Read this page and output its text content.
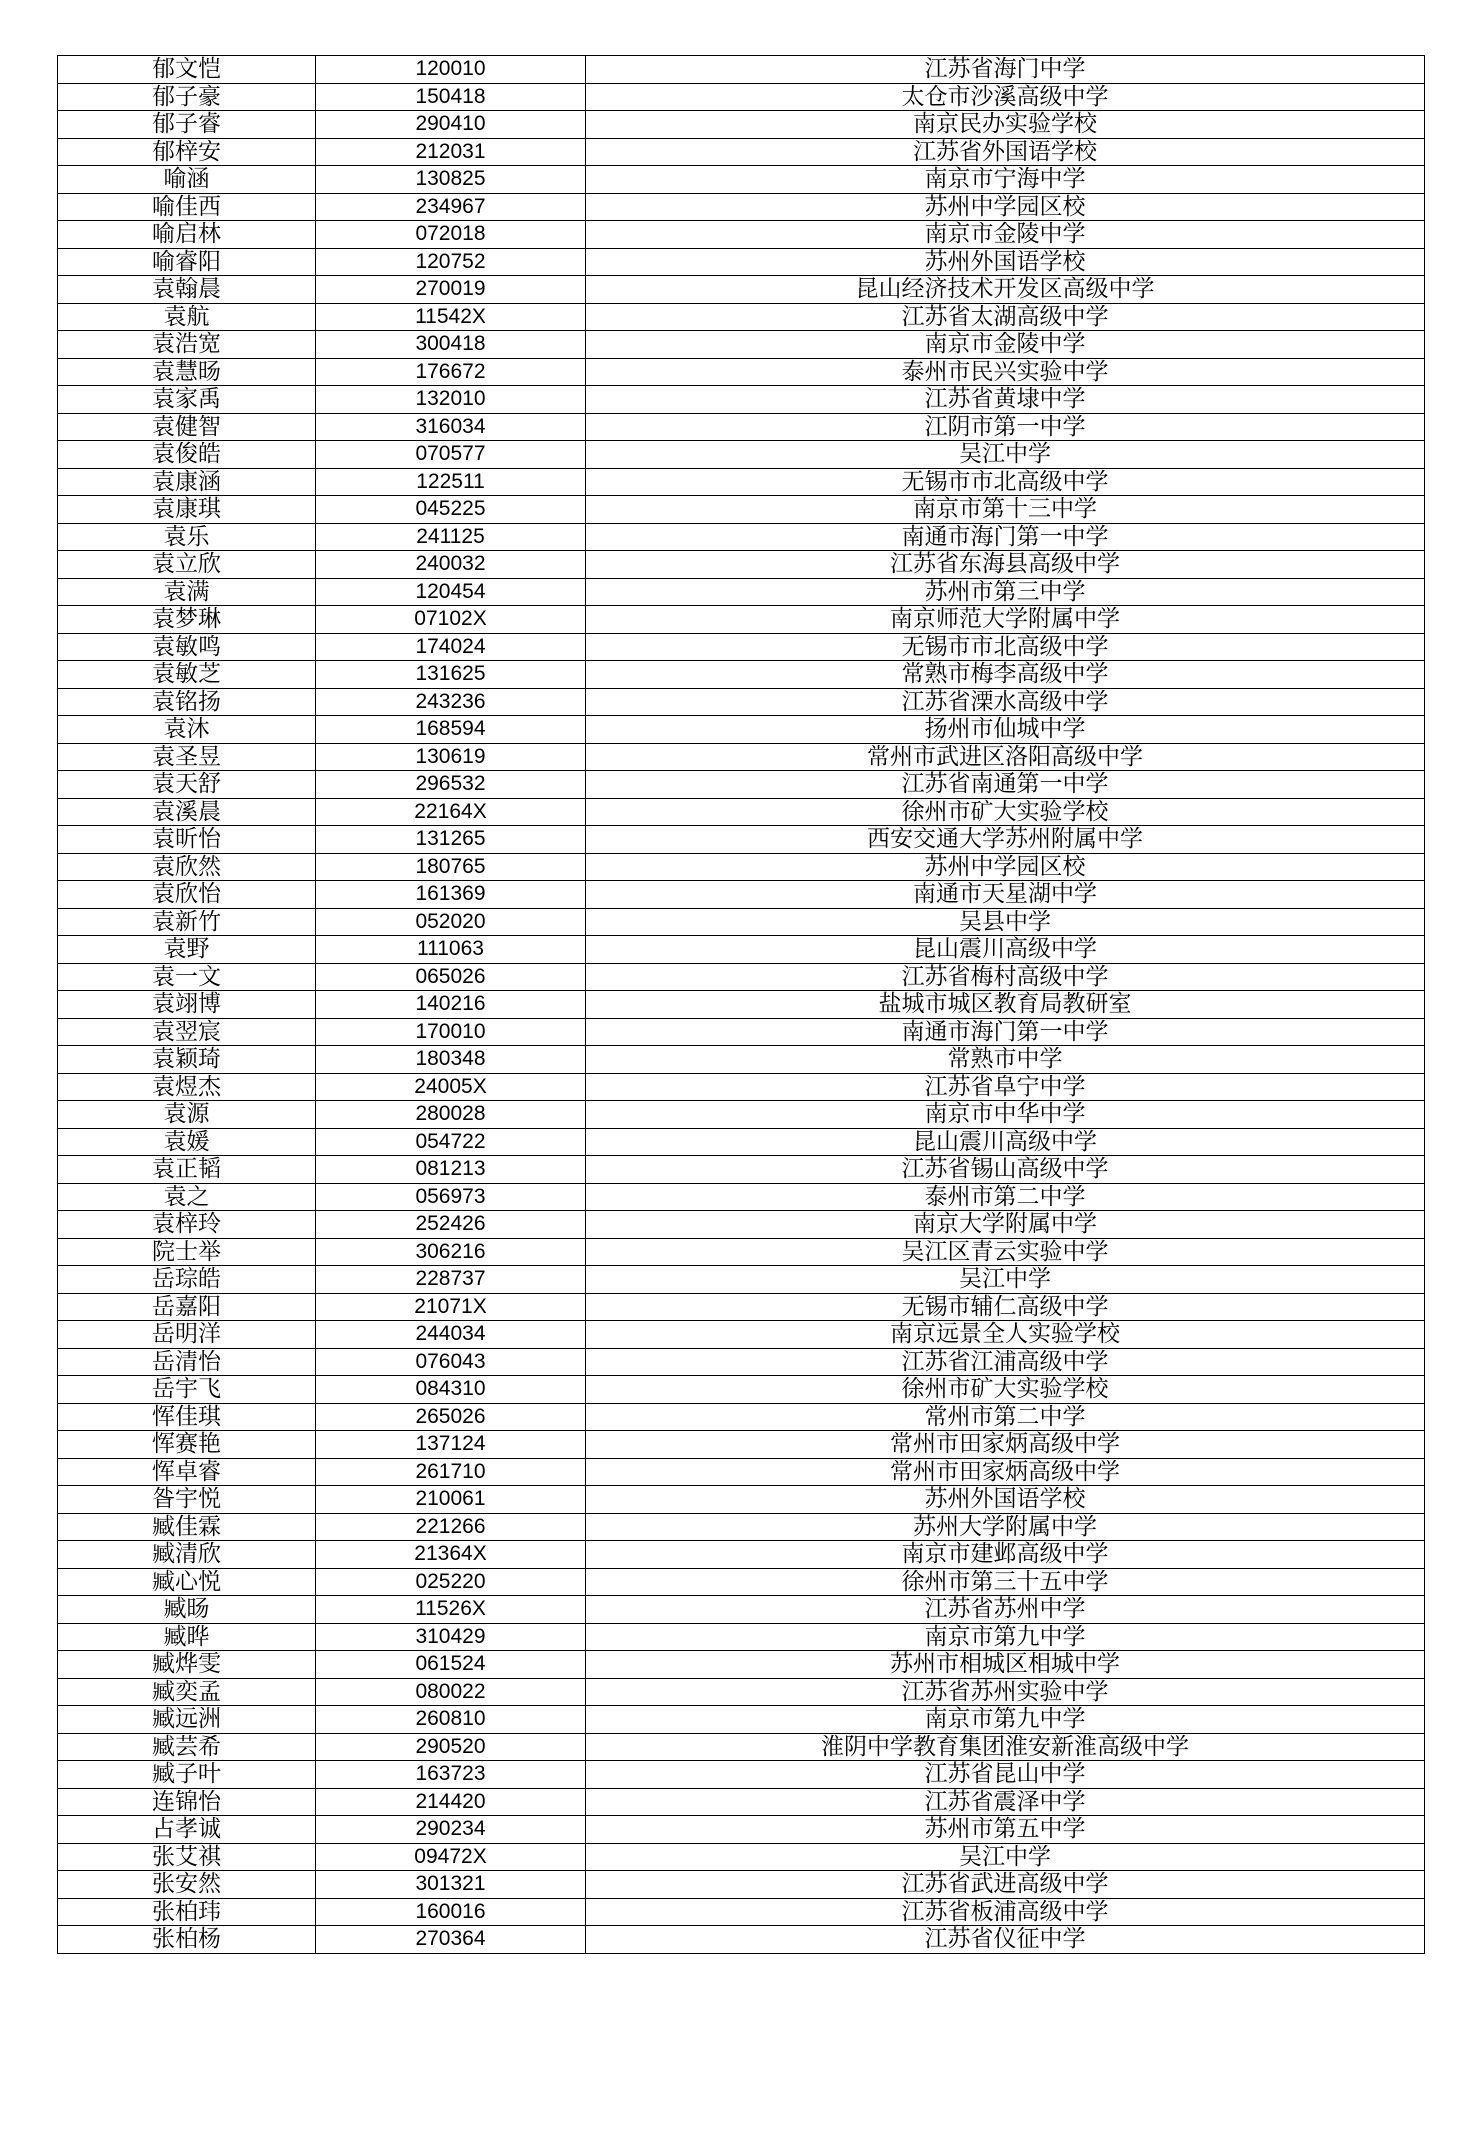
郁文恺	120010	江苏省海门中学
郁子豪	150418	太仓市沙溪高级中学
郁子睿	290410	南京民办实验学校
郁梓安	212031	江苏省外国语学校
喻涵	130825	南京市宁海中学
喻佳西	234967	苏州中学园区校
喻启林	072018	南京市金陵中学
喻睿阳	120752	苏州外国语学校
袁翰晨	270019	昆山经济技术开发区高级中学
袁航	11542X	江苏省太湖高级中学
袁浩宽	300418	南京市金陵中学
袁慧旸	176672	泰州市民兴实验中学
袁家禹	132010	江苏省黄埭中学
袁健智	316034	江阴市第一中学
袁俊皓	070577	吴江中学
袁康涵	122511	无锡市市北高级中学
袁康琪	045225	南京市第十三中学
袁乐	241125	南通市海门第一中学
袁立欣	240032	江苏省东海县高级中学
袁满	120454	苏州市第三中学
袁梦琳	07102X	南京师范大学附属中学
袁敏鸣	174024	无锡市市北高级中学
袁敏芝	131625	常熟市梅李高级中学
袁铭扬	243236	江苏省溧水高级中学
袁沐	168594	扬州市仙城中学
袁圣昱	130619	常州市武进区洛阳高级中学
袁天舒	296532	江苏省南通第一中学
袁溪晨	22164X	徐州市矿大实验学校
袁昕怡	131265	西安交通大学苏州附属中学
袁欣然	180765	苏州中学园区校
袁欣怡	161369	南通市天星湖中学
袁新竹	052020	吴县中学
袁野	111063	昆山震川高级中学
袁一文	065026	江苏省梅村高级中学
袁翊博	140216	盐城市城区教育局教研室
袁翌宸	170010	南通市海门第一中学
袁颖琦	180348	常熟市中学
袁煜杰	24005X	江苏省阜宁中学
袁源	280028	南京市中华中学
袁媛	054722	昆山震川高级中学
袁正韬	081213	江苏省锡山高级中学
袁之	056973	泰州市第二中学
袁梓玲	252426	南京大学附属中学
院士举	306216	吴江区青云实验中学
岳琮皓	228737	吴江中学
岳嘉阳	21071X	无锡市辅仁高级中学
岳明洋	244034	南京远景全人实验学校
岳清怡	076043	江苏省江浦高级中学
岳宇飞	084310	徐州市矿大实验学校
恽佳琪	265026	常州市第二中学
恽赛艳	137124	常州市田家炳高级中学
恽卓睿	261710	常州市田家炳高级中学
昝宇悦	210061	苏州外国语学校
臧佳霖	221266	苏州大学附属中学
臧清欣	21364X	南京市建邺高级中学
臧心悦	025220	徐州市第三十五中学
臧旸	11526X	江苏省苏州中学
臧晔	310429	南京市第九中学
臧烨雯	061524	苏州市相城区相城中学
臧奕孟	080022	江苏省苏州实验中学
臧远洲	260810	南京市第九中学
臧芸希	290520	淮阴中学教育集团淮安新淮高级中学
臧子叶	163723	江苏省昆山中学
连锦怡	214420	江苏省震泽中学
占孝诚	290234	苏州市第五中学
张艾祺	09472X	吴江中学
张安然	301321	江苏省武进高级中学
张柏玮	160016	江苏省板浦高级中学
张柏杨	270364	江苏省仪征中学
